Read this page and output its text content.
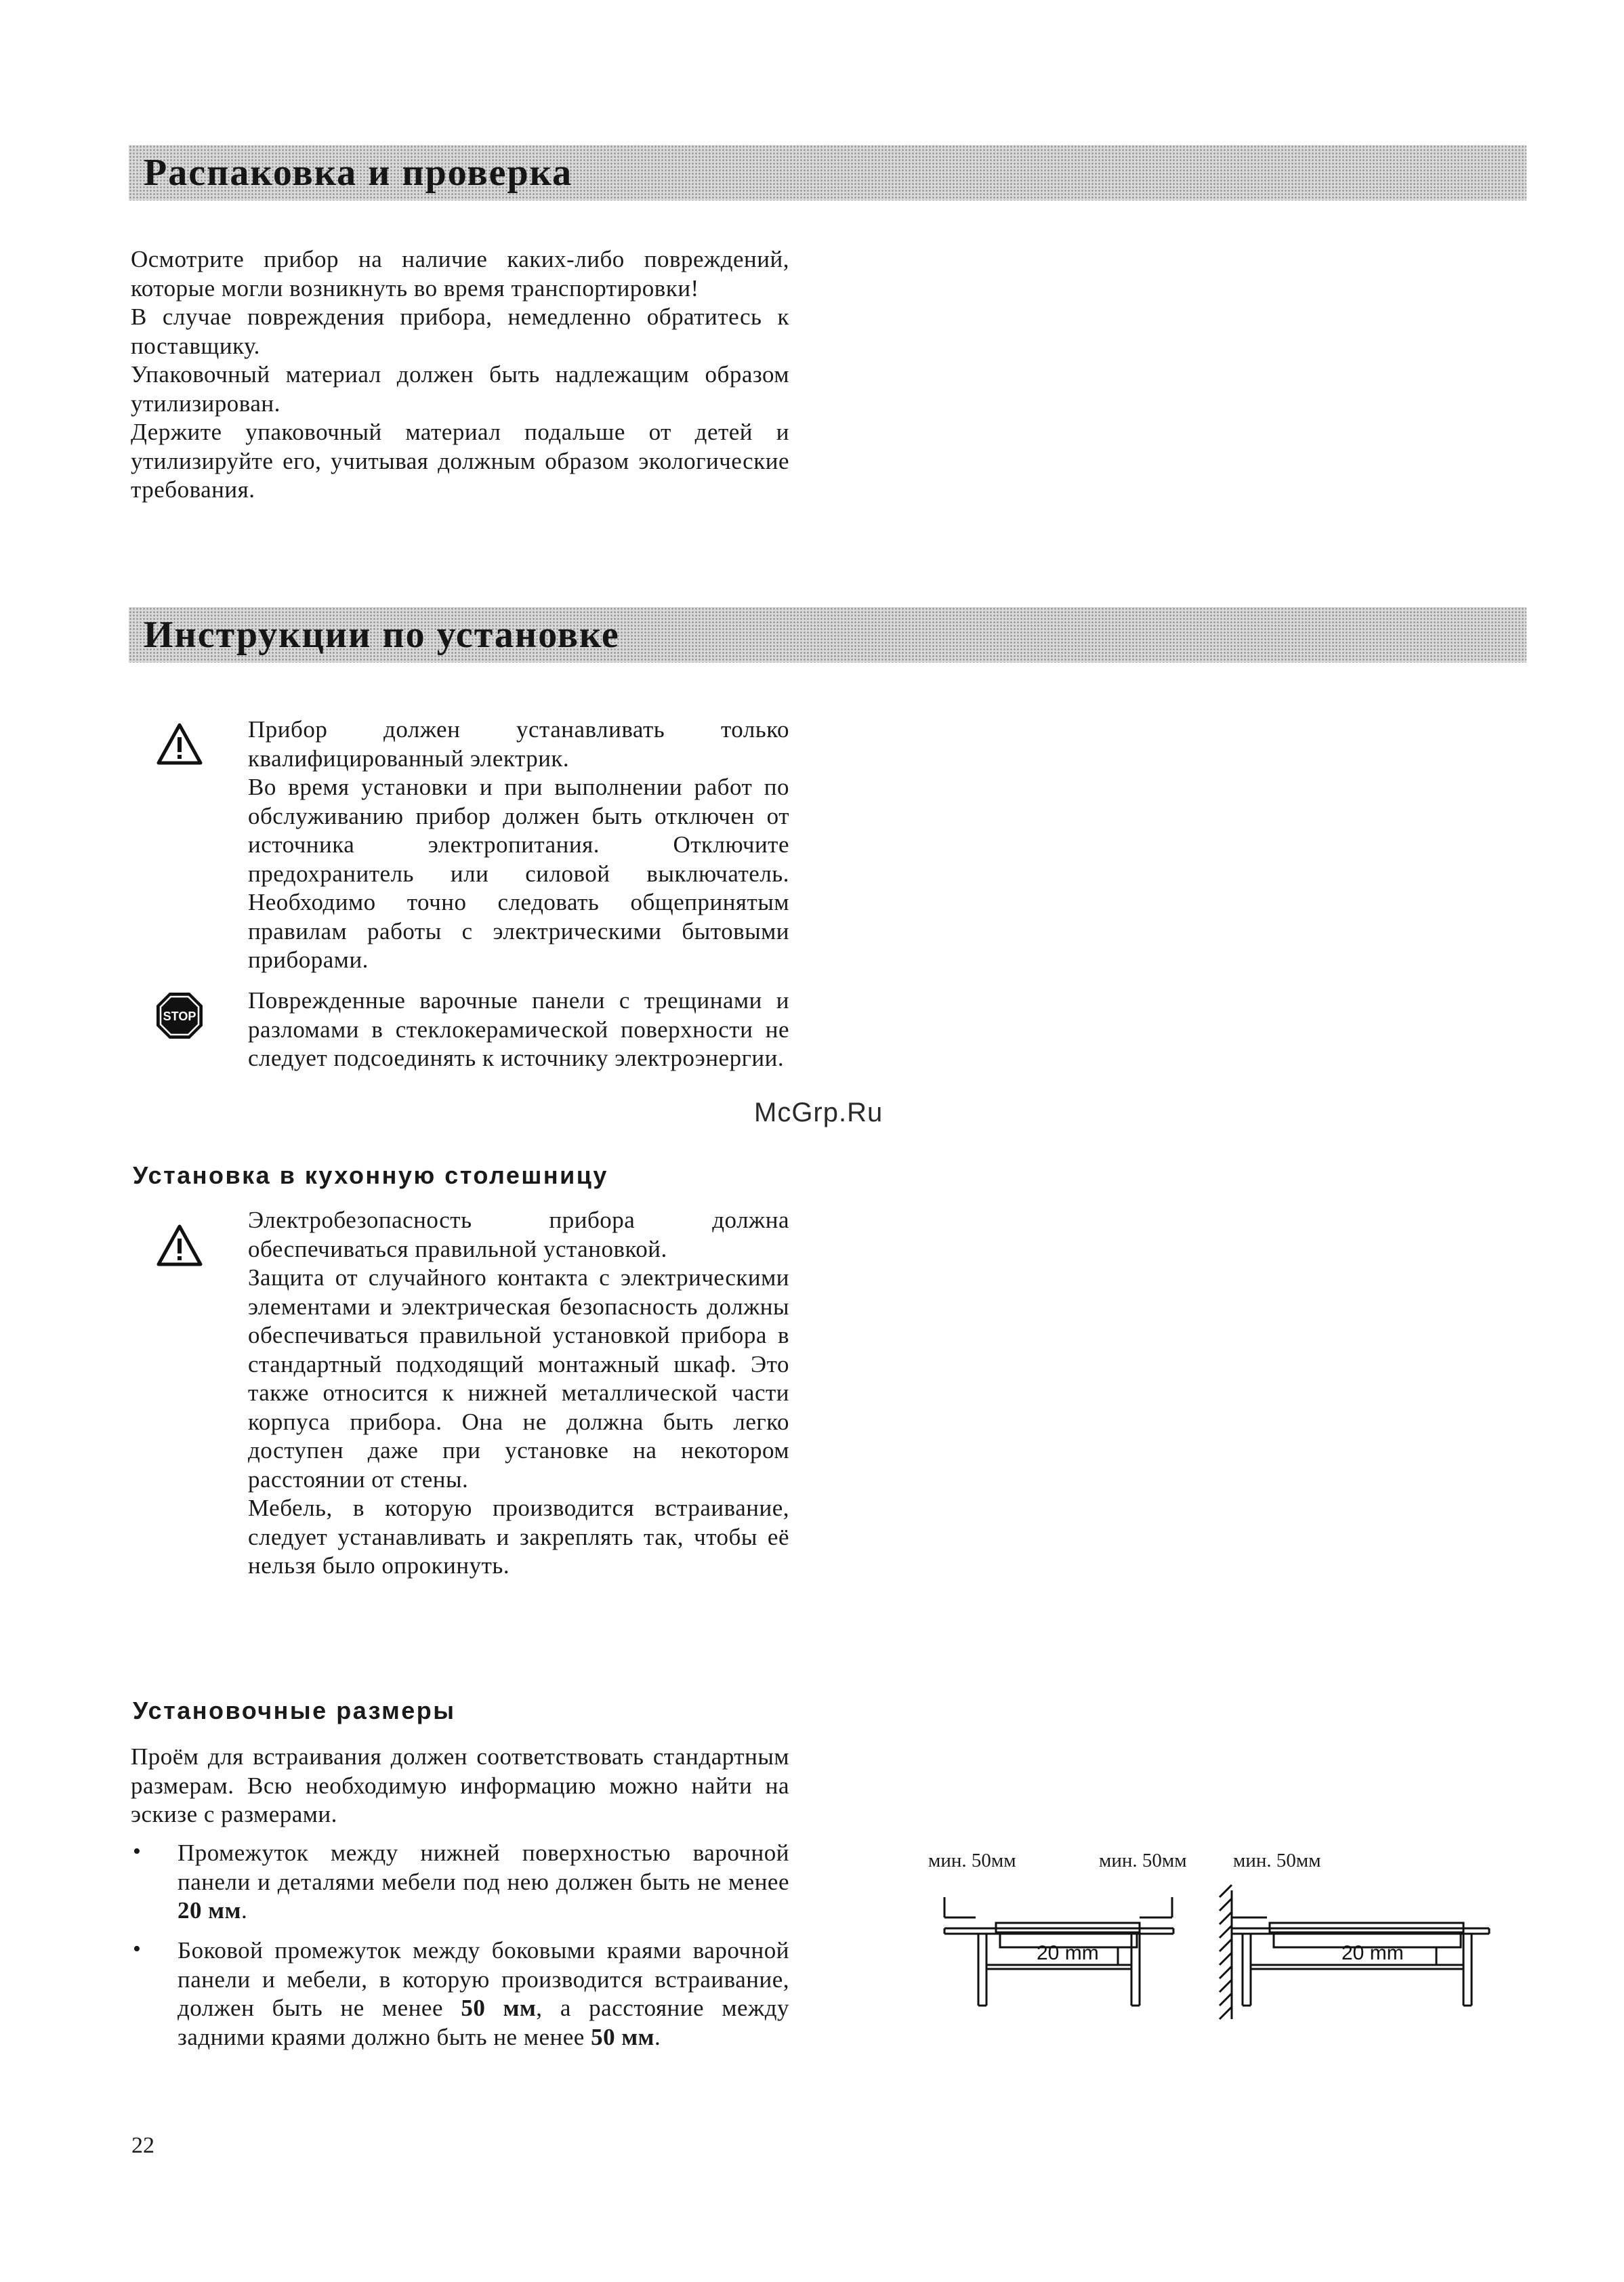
Распаковка и проверка

Осмотрите прибор на наличие каких-либо повреждений, которые могли возникнуть во время транспортировки!

В случае повреждения прибора, немедленно обратитесь к поставщику.

Упаковочный материал должен быть надлежащим образом утилизирован.

Держите упаковочный материал подальше от детей и утилизируйте его, учитывая должным образом экологические требования.

Инструкции по установке

Прибор должен устанавливать только квалифицированный электрик.

Во время установки и при выполнении работ по обслуживанию прибор должен быть отключен от источника электропитания. Отключите предохранитель или силовой выключатель. Необходимо точно следовать общепринятым правилам работы с электрическими бытовыми приборами.

STOP
Поврежденные варочные панели с трещинами и разломами в стеклокерамической поверхности не следует подсоединять к источнику электроэнергии.
Установка в кухонную столешницу

Электробезопасность прибора должна обеспечиваться правильной установкой.

Защита от случайного контакта с электрическими элементами и электрическая безопасность должны обеспечиваться правильной установкой прибора в стандартный подходящий монтажный шкаф. Это также относится к нижней металлической части корпуса прибора. Она не должна быть легко доступен даже при установке на некотором расстоянии от стены.

Мебель, в которую производится встраивание, следует устанавливать и закреплять так, чтобы её нельзя было опрокинуть.

Установочные размеры
Проём для встраивания должен соответствовать стандартным размерам. Всю необходимую информацию можно найти на эскизе с размерами.
• Промежуток между нижней поверхностью варочной панели и деталями мебели под нею должен быть не менее 20 мм.
• Боковой промежуток между боковыми краями варочной панели и мебели, в которую производится встраивание, должен быть не менее 50 мм, а расстояние между задними краями должно быть не менее 50 мм.
McGrp.Ru
мин. 50мм	мин. 50мм мин. 50мм
20 mm	20 mm
22
